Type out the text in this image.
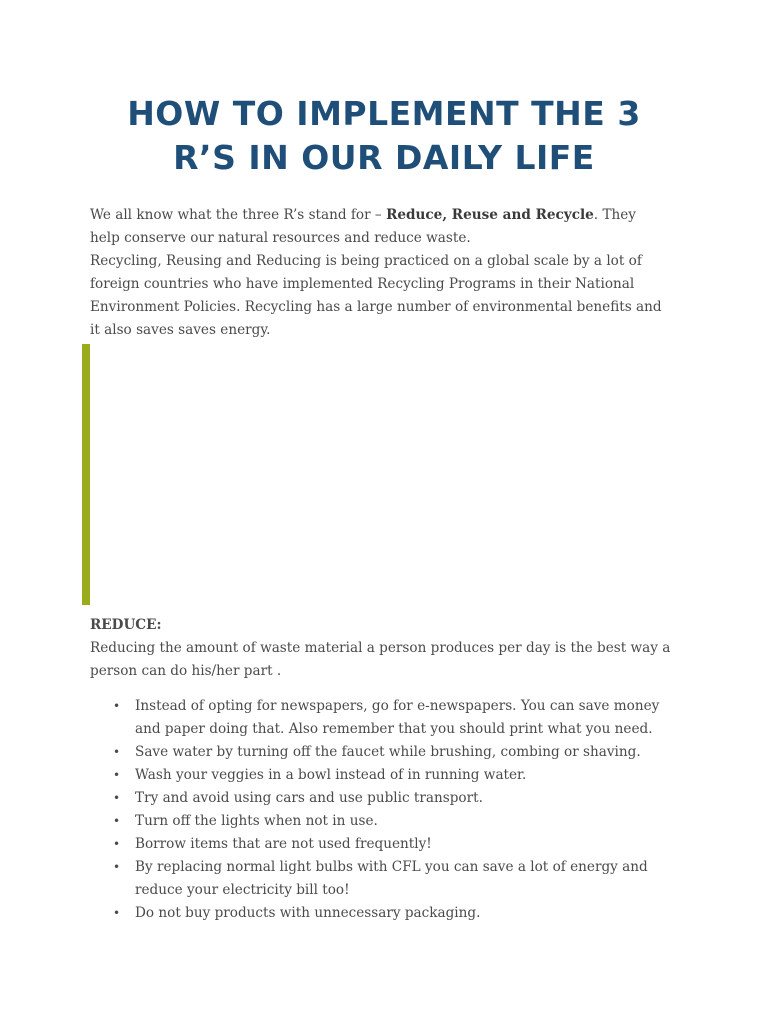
HOW TO IMPLEMENT THE 3 R’S IN OUR DAILY LIFE

We all know what the three R’s stand for – Reduce, Reuse and Recycle. They help conserve our natural resources and reduce waste.

Recycling, Reusing and Reducing is being practiced on a global scale by a lot of foreign countries who have implemented Recycling Programs in their National Environment Policies. Recycling has a large number of environmental benefits and it also saves saves energy.

REDUCE:

Reducing the amount of waste material a person produces per day is the best way a person can do his/her part .

• Instead of opting for newspapers, go for e-newspapers. You can save money and paper doing that. Also remember that you should print what you need.
• Save water by turning off the faucet while brushing, combing or shaving.
• Wash your veggies in a bowl instead of in running water.
• Try and avoid using cars and use public transport.
• Turn off the lights when not in use.
• Borrow items that are not used frequently!
• By replacing normal light bulbs with CFL you can save a lot of energy and reduce your electricity bill too!
• Do not buy products with unnecessary packaging.
